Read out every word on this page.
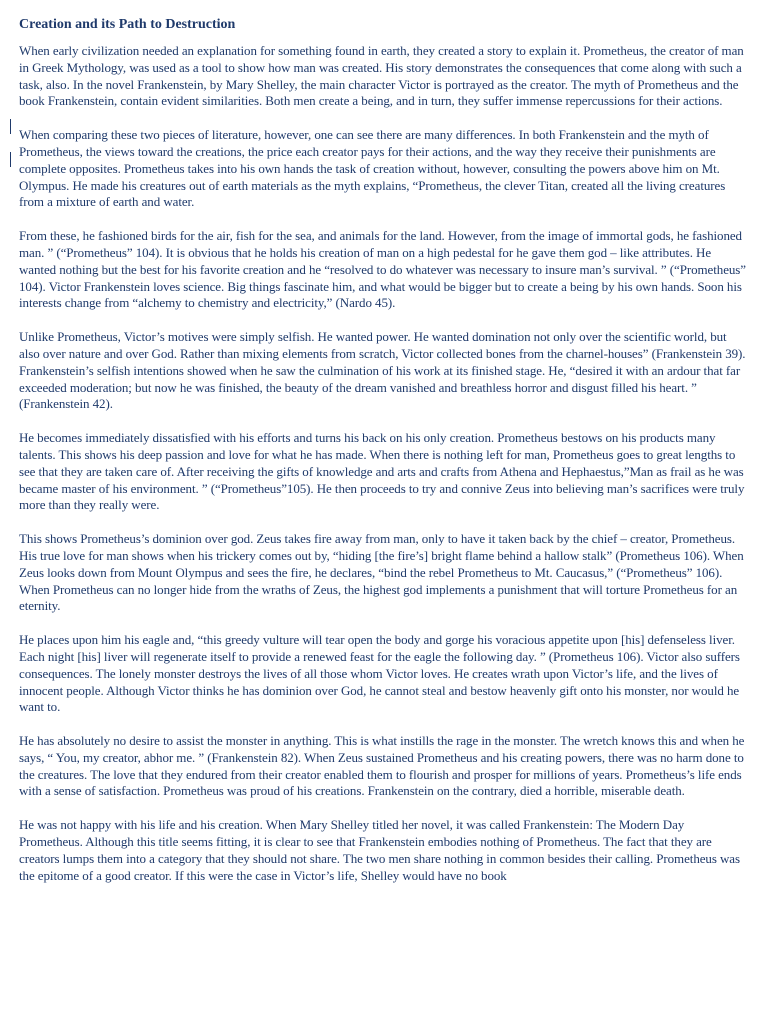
Creation and its Path to Destruction

When early civilization needed an explanation for something found in earth, they created a story to explain it. Prometheus, the creator of man in Greek Mythology, was used as a tool to show how man was created. His story demonstrates the consequences that come along with such a task, also. In the novel Frankenstein, by Mary Shelley, the main character Victor is portrayed as the creator. The myth of Prometheus and the book Frankenstein, contain evident similarities. Both men create a being, and in turn, they suffer immense repercussions for their actions.

When comparing these two pieces of literature, however, one can see there are many differences. In both Frankenstein and the myth of Prometheus, the views toward the creations, the price each creator pays for their actions, and the way they receive their punishments are complete opposites. Prometheus takes into his own hands the task of creation without, however, consulting the powers above him on Mt. Olympus. He made his creatures out of earth materials as the myth explains, “Prometheus, the clever Titan, created all the living creatures from a mixture of earth and water.

From these, he fashioned birds for the air, fish for the sea, and animals for the land. However, from the image of immortal gods, he fashioned man. ” (“Prometheus” 104). It is obvious that he holds his creation of man on a high pedestal for he gave them god – like attributes. He wanted nothing but the best for his favorite creation and he “resolved to do whatever was necessary to insure man’s survival. ” (“Prometheus” 104). Victor Frankenstein loves science. Big things fascinate him, and what would be bigger but to create a being by his own hands. Soon his interests change from “alchemy to chemistry and electricity,” (Nardo 45).

Unlike Prometheus, Victor’s motives were simply selfish. He wanted power. He wanted domination not only over the scientific world, but also over nature and over God. Rather than mixing elements from scratch, Victor collected bones from the charnel-houses” (Frankenstein 39). Frankenstein’s selfish intentions showed when he saw the culmination of his work at its finished stage. He, “desired it with an ardour that far exceeded moderation; but now he was finished, the beauty of the dream vanished and breathless horror and disgust filled his heart. ” (Frankenstein 42).

He becomes immediately dissatisfied with his efforts and turns his back on his only creation. Prometheus bestows on his products many talents. This shows his deep passion and love for what he has made. When there is nothing left for man, Prometheus goes to great lengths to see that they are taken care of. After receiving the gifts of knowledge and arts and crafts from Athena and Hephaestus,”Man as frail as he was became master of his environment. ” (“Prometheus”105). He then proceeds to try and connive Zeus into believing man’s sacrifices were truly more than they really were.

This shows Prometheus’s dominion over god. Zeus takes fire away from man, only to have it taken back by the chief – creator, Prometheus. His true love for man shows when his trickery comes out by, “hiding [the fire’s] bright flame behind a hallow stalk” (Prometheus 106). When Zeus looks down from Mount Olympus and sees the fire, he declares, “bind the rebel Prometheus to Mt. Caucasus,” (“Prometheus” 106). When Prometheus can no longer hide from the wraths of Zeus, the highest god implements a punishment that will torture Prometheus for an eternity.

He places upon him his eagle and, “this greedy vulture will tear open the body and gorge his voracious appetite upon [his] defenseless liver. Each night [his] liver will regenerate itself to provide a renewed feast for the eagle the following day. ” (Prometheus 106). Victor also suffers consequences. The lonely monster destroys the lives of all those whom Victor loves. He creates wrath upon Victor’s life, and the lives of innocent people. Although Victor thinks he has dominion over God, he cannot steal and bestow heavenly gift onto his monster, nor would he want to.

He has absolutely no desire to assist the monster in anything. This is what instills the rage in the monster. The wretch knows this and when he says, “ You, my creator, abhor me. ” (Frankenstein 82). When Zeus sustained Prometheus and his creating powers, there was no harm done to the creatures. The love that they endured from their creator enabled them to flourish and prosper for millions of years. Prometheus’s life ends with a sense of satisfaction. Prometheus was proud of his creations. Frankenstein on the contrary, died a horrible, miserable death.

He was not happy with his life and his creation. When Mary Shelley titled her novel, it was called Frankenstein: The Modern Day Prometheus. Although this title seems fitting, it is clear to see that Frankenstein embodies nothing of Prometheus. The fact that they are creators lumps them into a category that they should not share. The two men share nothing in common besides their calling. Prometheus was the epitome of a good creator. If this were the case in Victor’s life, Shelley would have no book
